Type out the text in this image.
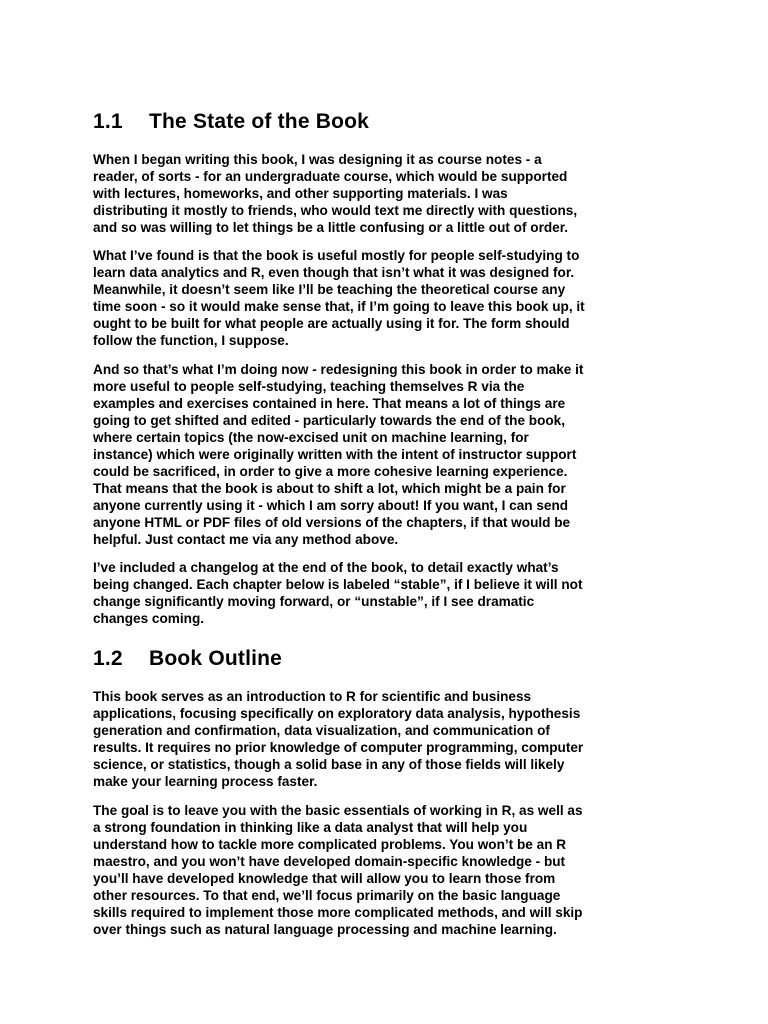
1.1 The State of the Book

When I began writing this book, I was designing it as course notes - a
reader, of sorts - for an undergraduate course, which would be supported
with lectures, homeworks, and other supporting materials. I was
distributing it mostly to friends, who would text me directly with questions,
and so was willing to let things be a little confusing or a little out of order.

What I’ve found is that the book is useful mostly for people self-studying to
learn data analytics and R, even though that isn’t what it was designed for.
Meanwhile, it doesn’t seem like I’ll be teaching the theoretical course any
time soon - so it would make sense that, if I’m going to leave this book up, it
ought to be built for what people are actually using it for. The form should
follow the function, I suppose.

And so that’s what I’m doing now - redesigning this book in order to make it
more useful to people self-studying, teaching themselves R via the
examples and exercises contained in here. That means a lot of things are
going to get shifted and edited - particularly towards the end of the book,
where certain topics (the now-excised unit on machine learning, for
instance) which were originally written with the intent of instructor support
could be sacrificed, in order to give a more cohesive learning experience.
That means that the book is about to shift a lot, which might be a pain for
anyone currently using it - which I am sorry about! If you want, I can send
anyone HTML or PDF files of old versions of the chapters, if that would be
helpful. Just contact me via any method above.

I’ve included a changelog at the end of the book, to detail exactly what’s
being changed. Each chapter below is labeled “stable”, if I believe it will not
change significantly moving forward, or “unstable”, if I see dramatic
changes coming.

1.2 Book Outline

This book serves as an introduction to R for scientific and business
applications, focusing specifically on exploratory data analysis, hypothesis
generation and confirmation, data visualization, and communication of
results. It requires no prior knowledge of computer programming, computer
science, or statistics, though a solid base in any of those fields will likely
make your learning process faster.

The goal is to leave you with the basic essentials of working in R, as well as
a strong foundation in thinking like a data analyst that will help you
understand how to tackle more complicated problems. You won’t be an R
maestro, and you won’t have developed domain-specific knowledge - but
you’ll have developed knowledge that will allow you to learn those from
other resources. To that end, we’ll focus primarily on the basic language
skills required to implement those more complicated methods, and will skip
over things such as natural language processing and machine learning.
